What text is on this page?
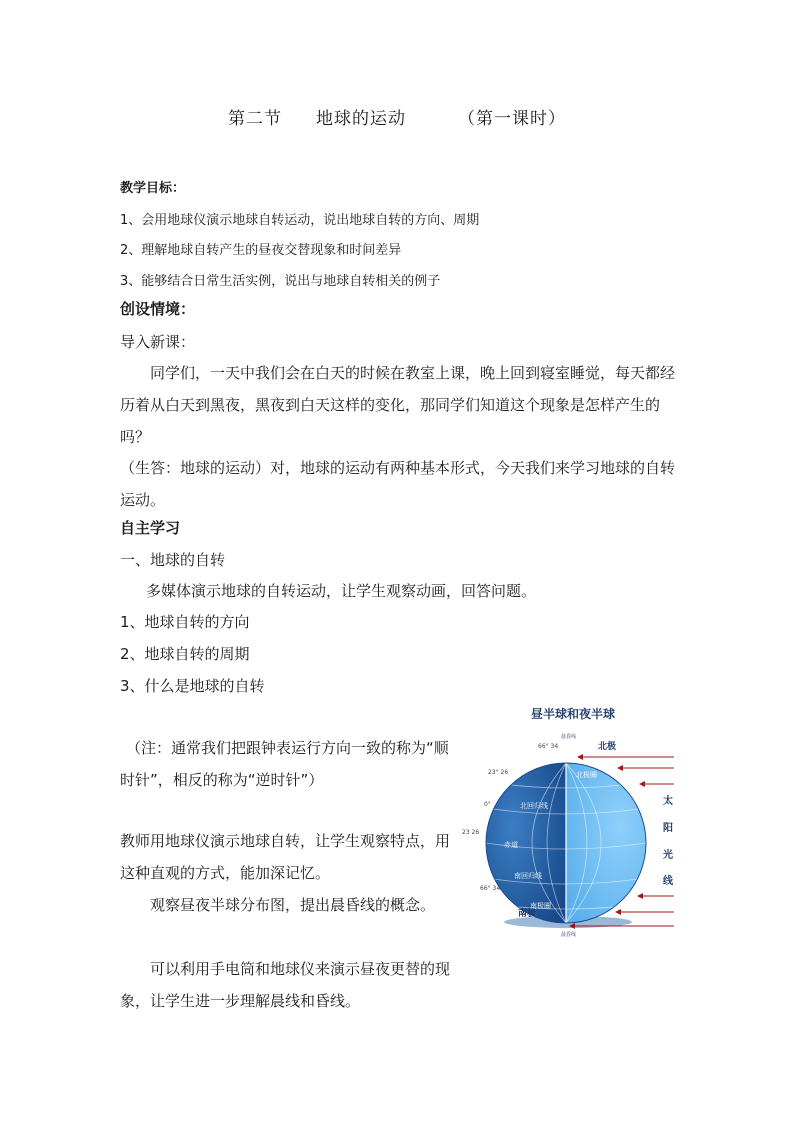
第二节 地球的运动	（第一课时）
教学目标：
1、会用地球仪演示地球自转运动，说出地球自转的方向、周期
2、理解地球自转产生的昼夜交替现象和时间差异
3、能够结合日常生活实例，说出与地球自转相关的例子
创设情境：
导入新课：
同学们，一天中我们会在白天的时候在教室上课，晚上回到寝室睡觉，每天都经历着从白天到黑夜，黑夜到白天这样的变化，那同学们知道这个现象是怎样产生的吗？
（生答：地球的运动）对，地球的运动有两种基本形式，今天我们来学习地球的自转运动。
自主学习
一、地球的自转
多媒体演示地球的自转运动，让学生观察动画，回答问题。
1、地球自转的方向
2、地球自转的周期
3、什么是地球的自转
（注：通常我们把跟钟表运行方向一致的称为“顺时针”，相反的称为“逆时针”）
教师用地球仪演示地球自转，让学生观察特点，用这种直观的方式，能加深记忆。
观察昼夜半球分布图，提出晨昏线的概念。
可以利用手电筒和地球仪来演示昼夜更替的现象，让学生进一步理解晨线和昏线。
昼半球和夜半球
北极圈
北回归线
赤道
南回归线
南极圈
66° 34
23° 26
0°
23 26
66° 34
北极
南极
晨昏线
晨昏线
太
阳
光
线
